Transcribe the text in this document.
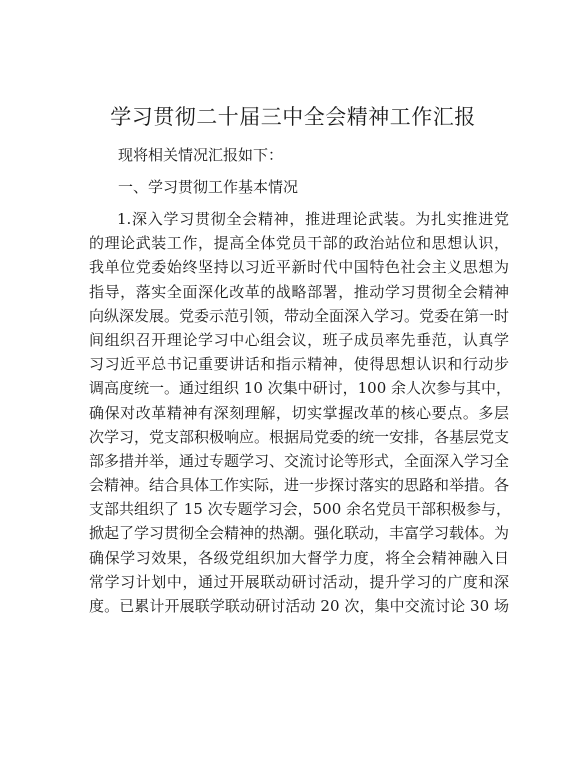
学习贯彻二十届三中全会精神工作汇报
现将相关情况汇报如下：
一、学习贯彻工作基本情况
1.深入学习贯彻全会精神，推进理论武装。为扎实推进党
的理论武装工作，提高全体党员干部的政治站位和思想认识，
我单位党委始终坚持以习近平新时代中国特色社会主义思想为
指导，落实全面深化改革的战略部署，推动学习贯彻全会精神
向纵深发展。党委示范引领，带动全面深入学习。党委在第一时
间组织召开理论学习中心组会议，班子成员率先垂范，认真学
习习近平总书记重要讲话和指示精神，使得思想认识和行动步
调高度统一。通过组织 10 次集中研讨，100 余人次参与其中，
确保对改革精神有深刻理解，切实掌握改革的核心要点。多层
次学习，党支部积极响应。根据局党委的统一安排，各基层党支
部多措并举，通过专题学习、交流讨论等形式，全面深入学习全
会精神。结合具体工作实际，进一步探讨落实的思路和举措。各
支部共组织了 15 次专题学习会，500 余名党员干部积极参与，
掀起了学习贯彻全会精神的热潮。强化联动，丰富学习载体。为
确保学习效果，各级党组织加大督学力度，将全会精神融入日
常学习计划中，通过开展联动研讨活动，提升学习的广度和深
度。已累计开展联学联动研讨活动 20 次，集中交流讨论 30 场
